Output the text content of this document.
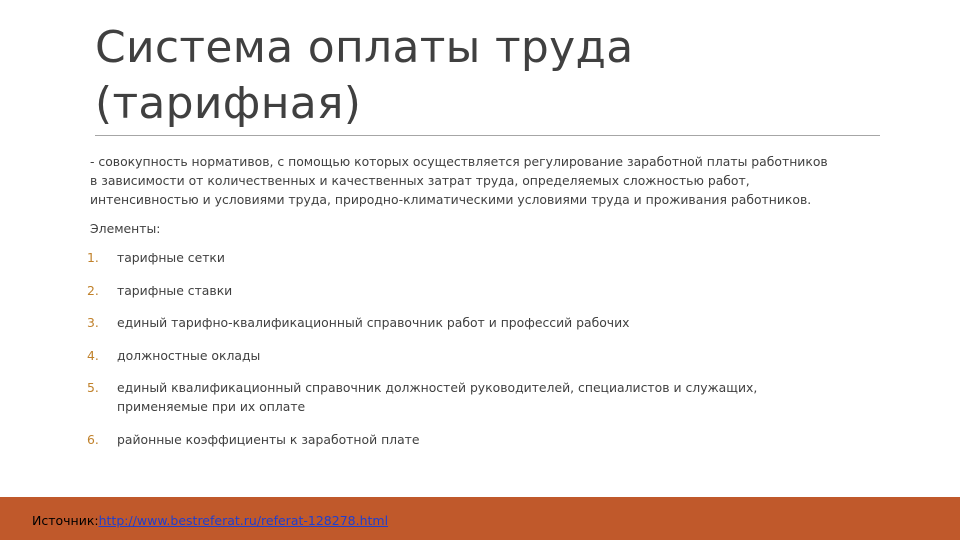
Система оплаты труда (тарифная)

- совокупность нормативов, с помощью которых осуществляется регулирование заработной платы работников
в зависимости от количественных и качественных затрат труда, определяемых сложностью работ,
интенсивностью и условиями труда, природно-климатическими условиями труда и проживания работников.

Элементы:

1. тарифные сетки
2. тарифные ставки
3. единый тарифно-квалификационный справочник работ и профессий рабочих
4. должностные оклады
5. единый квалификационный справочник должностей руководителей, специалистов и служащих,
применяемые при их оплате
6. районные коэффициенты к заработной плате
Источник:http://www.bestreferat.ru/referat-128278.html
